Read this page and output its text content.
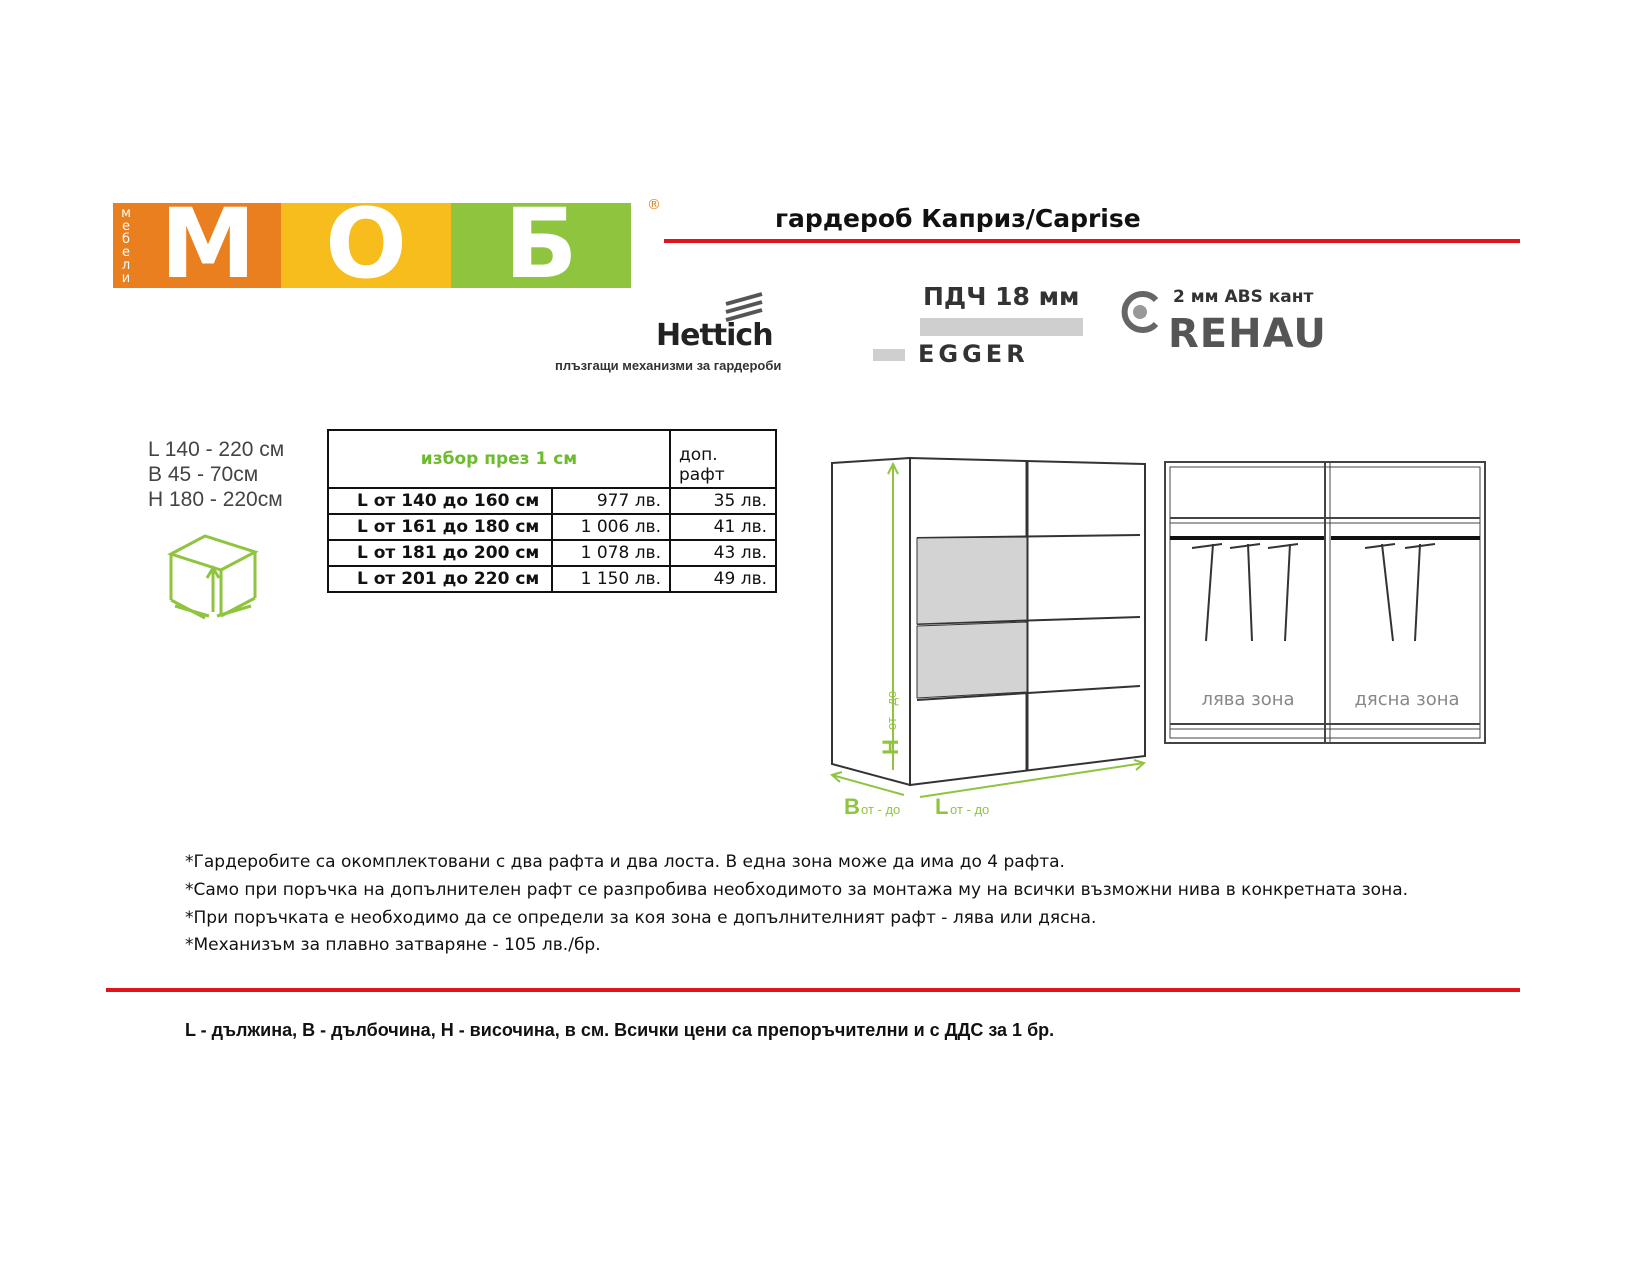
мебели М О	Б	®	гардероб Каприз/Caprise
Hettich
плъзгащи механизми за гардероби
ПДЧ 18 мм
EGGER
2 мм ABS кант
REHAU
L 140 - 220 см
B 45 - 70см
H 180 - 220см
избор през 1 см		доп. рафт
L от 140 до 160 см	977 лв.	35 лв.
L от 161 до 180 см	1 006 лв.	41 лв.
L от 181 до 200 см	1 078 лв.	43 лв.
L от 201 до 220 см	1 150 лв.	49 лв.
H
от - до
B от - до L от - до
лява зона	дясна зона
*Гардеробите са окомплектовани с два рафта и два лоста. В една зона може да има до 4 рафта.
*Само при поръчка на допълнителен рафт се разпробива необходимото за монтажа му на всички възможни нива в конкретната зона.
*При поръчката е необходимо да се определи за коя зона е допълнителният рафт - лява или дясна.
*Механизъм за плавно затваряне - 105 лв./бр.
L - дължина, B - дълбочина, H - височина, в см. Всички цени са препоръчителни и с ДДС за 1 бр.
